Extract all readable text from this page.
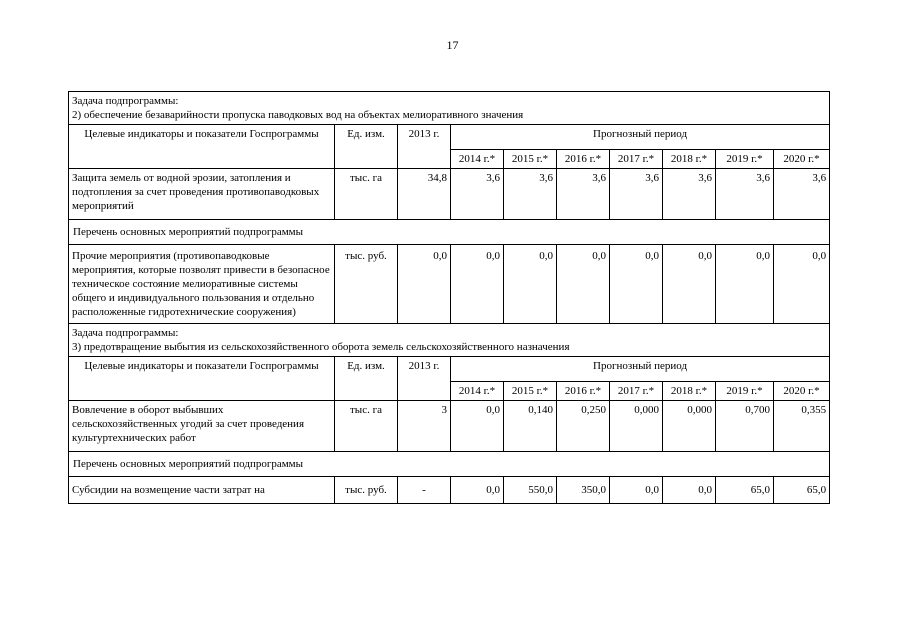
17
Задача подпрограммы:
2) обеспечение безаварийности пропуска паводковых вод на объектах мелиоративного значения									

Целевые индикаторы и показатели Госпрограммы	Ед. изм.	2013 г.	Прогнозный период						
			2014 г.*	2015 г.*	2016 г.*	2017 г.*	2018 г.*	2019 г.*	2020 г.*
Защита земель от водной эрозии, затопления и подтопления за счет проведения противопаводковых мероприятий	тыс. га	34,8	3,6	3,6	3,6	3,6	3,6	3,6	3,6
Перечень основных мероприятий подпрограммы									
Прочие мероприятия (противопаводковые мероприятия, которые позволят привести в безопасное техническое состояние мелиоративные системы общего и индивидуального пользования и отдельно расположенные гидротехнические сооружения)	тыс. руб.	0,0	0,0	0,0	0,0	0,0	0,0	0,0	0,0

Задача подпрограммы:
3) предотвращение выбытия из сельскохозяйственного оборота земель сельскохозяйственного назначения									

Целевые индикаторы и показатели Госпрограммы	Ед. изм.	2013 г.	Прогнозный период						
			2014 г.*	2015 г.*	2016 г.*	2017 г.*	2018 г.*	2019 г.*	2020 г.*
Вовлечение в оборот выбывших сельскохозяйственных угодий за счет проведения культуртехнических работ	тыс. га	3	0,0	0,140	0,250	0,000	0,000	0,700	0,355
Перечень основных мероприятий подпрограммы									
Субсидии на возмещение части затрат на	тыс. руб.	-	0,0	550,0	350,0	0,0	0,0	65,0	65,0
